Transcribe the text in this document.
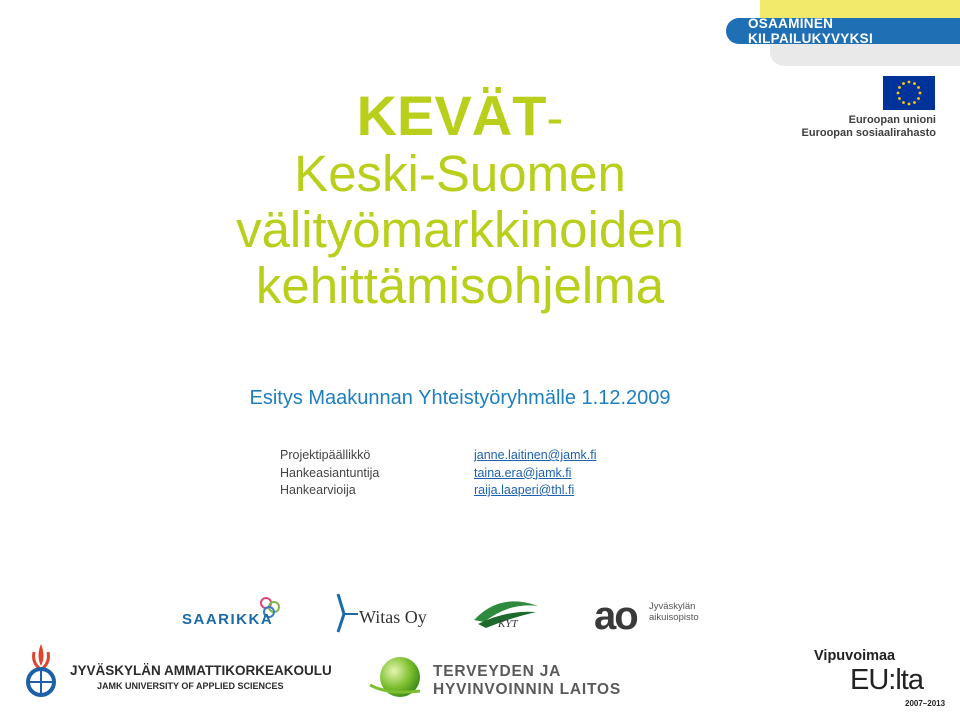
OSAAMINEN KILPAILUKYVYKSI
Euroopan unioni
Euroopan sosiaalirahasto
KEVÄT-
Keski-Suomen
välityömarkkinoiden
kehittämisohjelma
Esitys Maakunnan Yhteistyöryhmälle 1.12.2009
Projektipäällikkö
Hankeasiantuntija
Hankearvioija
janne.laitinen@jamk.fi
taina.era@jamk.fi
raija.laaperi@thl.fi
SAARIKKA	Witas Oy	KYT ao Jyväskylän
aikuisopisto
JYVÄSKYLÄN AMMATTIKORKEAKOULU
JAMK UNIVERSITY OF APPLIED SCIENCES
TERVEYDEN JA
HYVINVOINNIN LAITOS
Vipuvoimaa
EU:lta
2007–2013
